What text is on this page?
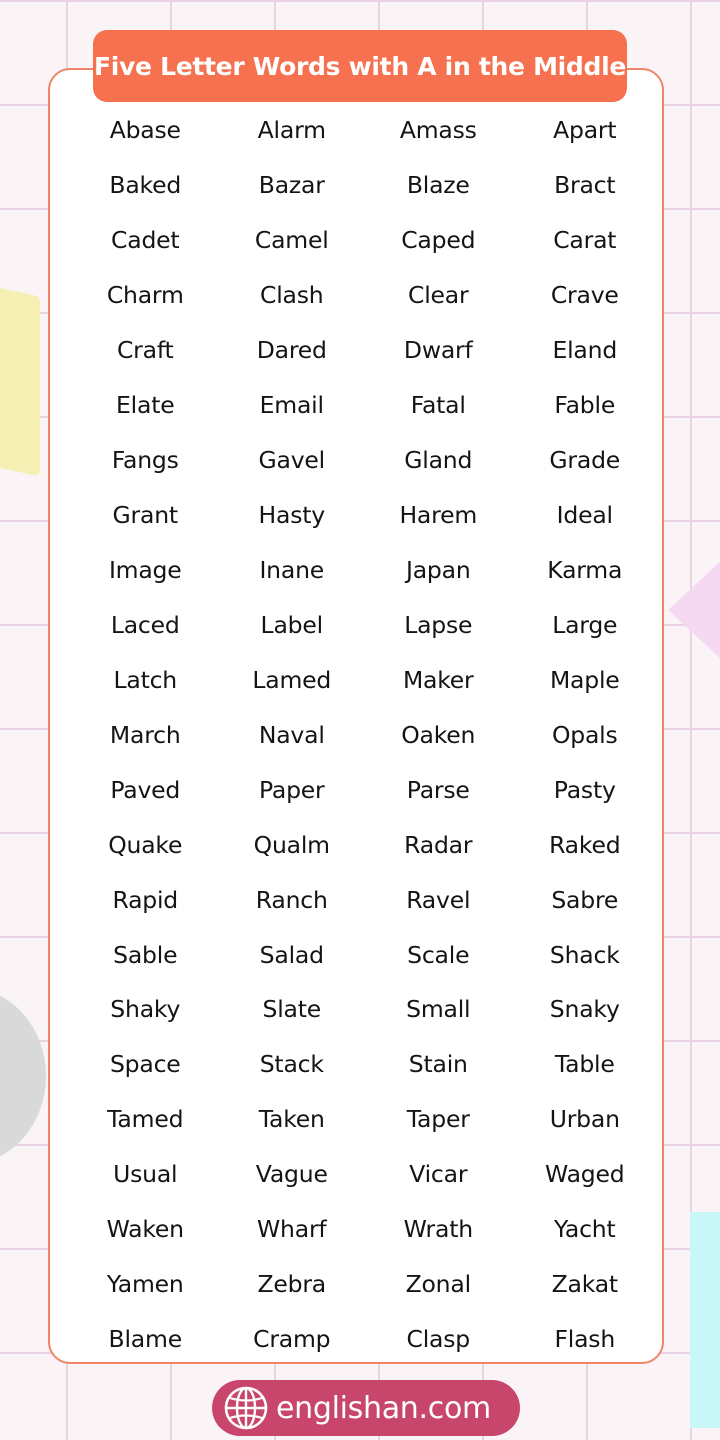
Five Letter Words with A in the Middle
Abase	Alarm	Amass	Apart
Baked	Bazar	Blaze	Bract
Cadet	Camel	Caped	Carat
Charm	Clash	Clear	Crave
Craft	Dared	Dwarf	Eland
Elate	Email	Fatal	Fable
Fangs	Gavel	Gland	Grade
Grant	Hasty	Harem	Ideal
Image	Inane	Japan	Karma
Laced	Label	Lapse	Large
Latch	Lamed	Maker	Maple
March	Naval	Oaken	Opals
Paved	Paper	Parse	Pasty
Quake	Qualm	Radar	Raked
Rapid	Ranch	Ravel	Sabre
Sable	Salad	Scale	Shack
Shaky	Slate	Small	Snaky
Space	Stack	Stain	Table
Tamed	Taken	Taper	Urban
Usual	Vague	Vicar	Waged
Waken	Wharf	Wrath	Yacht
Yamen	Zebra	Zonal	Zakat
Blame	Cramp	Clasp	Flash
englishan.com
